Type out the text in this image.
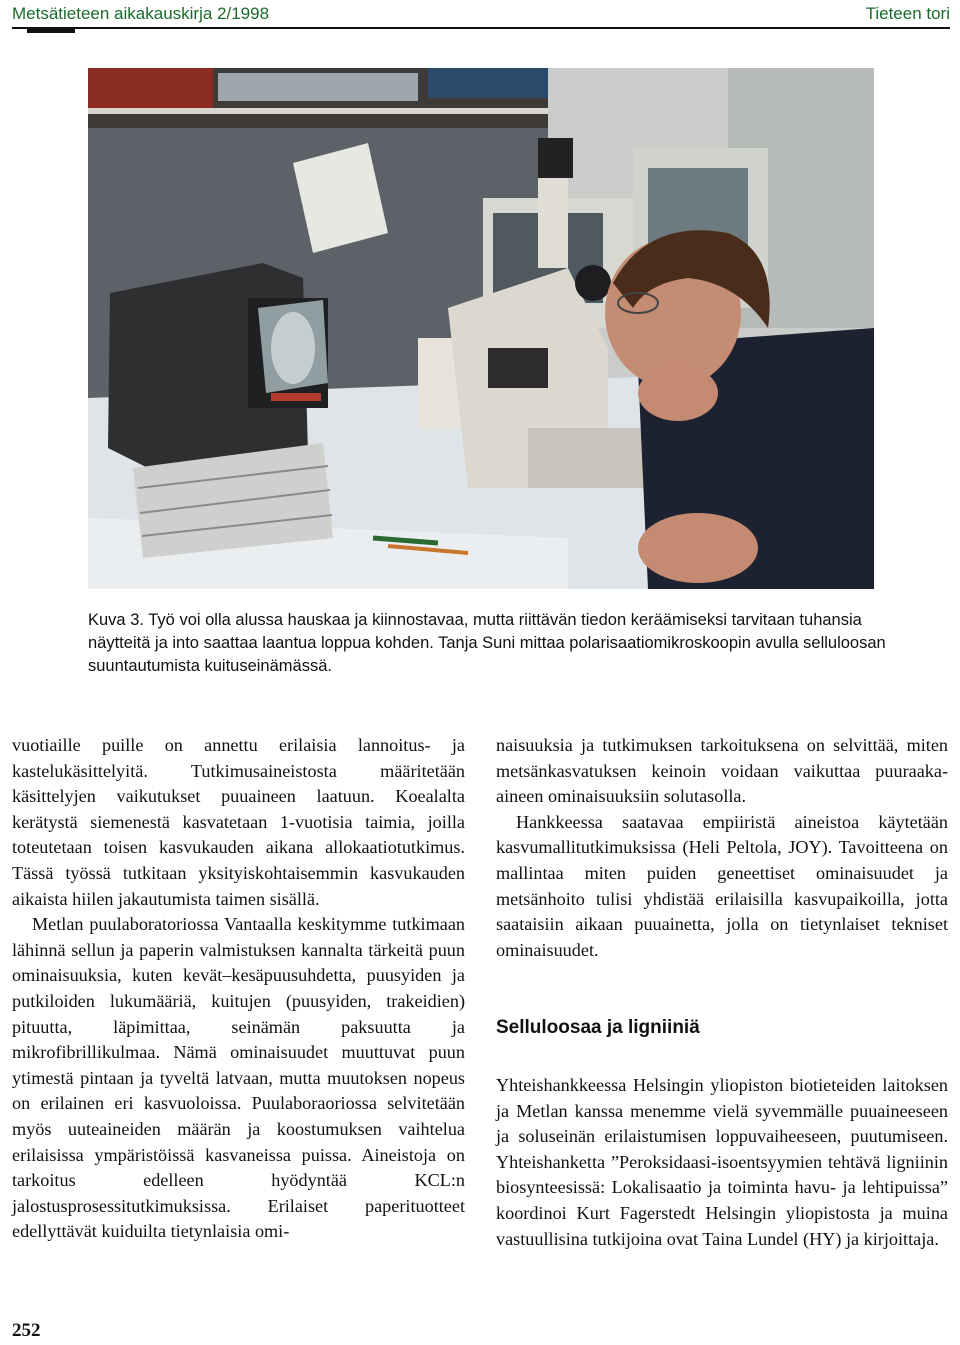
Metsätieteen aikakauskirja 2/1998	Tieteen tori
Kuva 3. Työ voi olla alussa hauskaa ja kiinnostavaa, mutta riittävän tiedon keräämiseksi tarvitaan tuhansia näytteitä ja into saattaa laantua loppua kohden. Tanja Suni mittaa polarisaatiomikroskoopin avulla selluloosan suuntautumista kuituseinämässä.

vuotiaille puille on annettu erilaisia lannoitus- ja kastelukäsittelyitä. Tutkimusaineistosta määritetään käsittelyjen vaikutukset puuaineen laatuun. Koealalta kerätystä siemenestä kasvatetaan 1-vuotisia taimia, joilla toteutetaan toisen kasvukauden aikana allokaatiotutkimus. Tässä työssä tutkitaan yksityiskohtaisemmin kasvukauden aikaista hiilen jakautumista taimen sisällä.

Metlan puulaboratoriossa Vantaalla keskitymme tutkimaan lähinnä sellun ja paperin valmistuksen kannalta tärkeitä puun ominaisuuksia, kuten kevät–kesäpuusuhdetta, puusyiden ja putkiloiden lukumääriä, kuitujen (puusyiden, trakeidien) pituutta, läpimittaa, seinämän paksuutta ja mikrofibrillikulmaa. Nämä ominaisuudet muuttuvat puun ytimestä pintaan ja tyveltä latvaan, mutta muutoksen nopeus on erilainen eri kasvuoloissa. Puulaboraoriossa selvitetään myös uuteaineiden määrän ja koostumuksen vaihtelua erilaisissa ympäristöissä kasvaneissa puissa. Aineistoja on tarkoitus edelleen hyödyntää KCL:n jalostusprosessitutkimuksissa. Erilaiset paperituotteet edellyttävät kuiduilta tietynlaisia omi-

naisuuksia ja tutkimuksen tarkoituksena on selvittää, miten metsänkasvatuksen keinoin voidaan vaikuttaa puuraaka-aineen ominaisuuksiin solutasolla.

Hankkeessa saatavaa empiiristä aineistoa käytetään kasvumallitutkimuksissa (Heli Peltola, JOY). Tavoitteena on mallintaa miten puiden geneettiset ominaisuudet ja metsänhoito tulisi yhdistää erilaisilla kasvupaikoilla, jotta saataisiin aikaan puuainetta, jolla on tietynlaiset tekniset ominaisuudet.

Selluloosaa ja ligniiniä

Yhteishankkeessa Helsingin yliopiston biotieteiden laitoksen ja Metlan kanssa menemme vielä syvemmälle puuaineeseen ja soluseinän erilaistumisen loppuvaiheeseen, puutumiseen. Yhteishanketta ”Peroksidaasi-isoentsyymien tehtävä ligniinin biosynteesissä: Lokalisaatio ja toiminta havu- ja lehtipuissa” koordinoi Kurt Fagerstedt Helsingin yliopistosta ja muina vastuullisina tutkijoina ovat Taina Lundel (HY) ja kirjoittaja.

252
